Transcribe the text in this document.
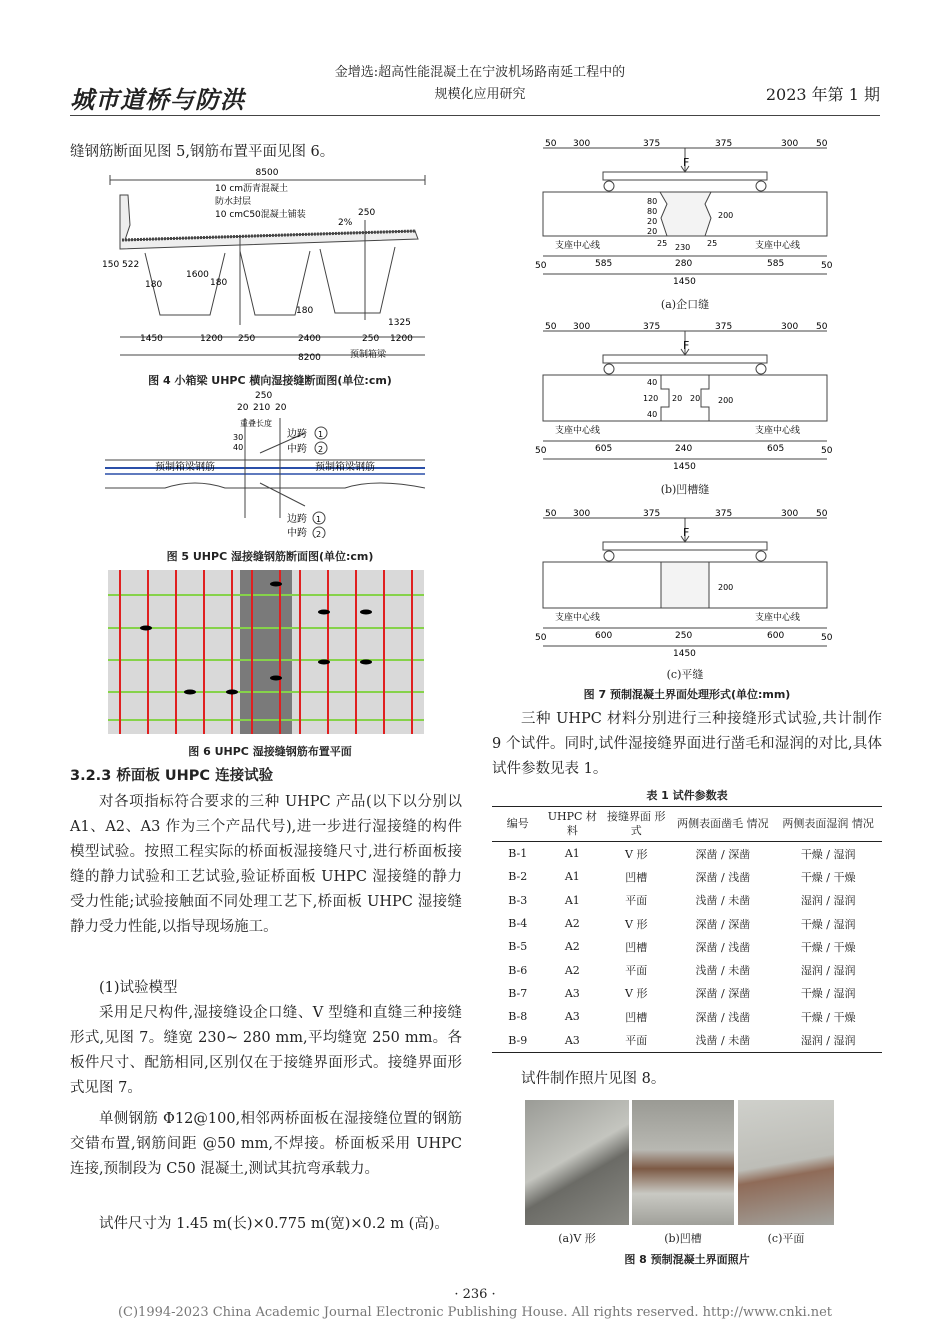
城市道桥与防洪
金增选:超高性能混凝土在宁波机场路南延工程中的
规模化应用研究	2023 年第 1 期
缝钢筋断面见图 5,钢筋布置平面见图 6。
8500
10 cm沥青混凝土
防水封层
10 cmC50混凝土铺装
2%
250
150 522
180
1600
180
180
1325
1450	1200 250	2400	250 1200
8200	预制箱梁
图 4 小箱梁 UHPC 横向湿接缝断面图(单位:cm)
250
20 210 20
重叠长度
30
40
边跨
中跨
1
2
预制箱梁钢筋	预制箱梁钢筋
边跨
中跨
1
2
图 5 UHPC 湿接缝钢筋断面图(单位:cm)
图 6 UHPC 湿接缝钢筋布置平面
3.2.3 桥面板 UHPC 连接试验
对各项指标符合要求的三种 UHPC 产品(以下以分别以 A1、A2、A3 作为三个产品代号),进一步进行湿接缝的构件模型试验。按照工程实际的桥面板湿接缝尺寸,进行桥面板接缝的静力试验和工艺试验,验证桥面板 UHPC 湿接缝的静力受力性能;试验接触面不同处理工艺下,桥面板 UHPC 湿接缝静力受力性能,以指导现场施工。
(1)试验模型
采用足尺构件,湿接缝设企口缝、V 型缝和直缝三种接缝形式,见图 7。缝宽 230~ 280 mm,平均缝宽 250 mm。各板件尺寸、配筋相同,区别仅在于接缝界面形式。接缝界面形式见图 7。
单侧钢筋 Φ12@100,相邻两桥面板在湿接缝位置的钢筋交错布置,钢筋间距 @50 mm,不焊接。桥面板采用 UHPC 连接,预制段为 C50 混凝土,测试其抗弯承载力。
试件尺寸为 1.45 m(长)×0.775 m(宽)×0.2 m (高)。
F
50 300	375	375	300 50
80
80
20
20
200
支座中心线	支座中心线
25 230 25
50	585	280	585	50
1450
(a)企口缝
F
50 300	375	375	300 50
40
120
40
20 20 200
支座中心线	支座中心线
50	605	240	605	50
1450
(b)凹槽缝
F
50 300	375	375	300 50
200
支座中心线	支座中心线
50	600	250	600	50
1450
(c)平缝
图 7 预制混凝土界面处理形式(单位:mm)
三种 UHPC 材料分别进行三种接缝形式试验,共计制作 9 个试件。同时,试件湿接缝界面进行凿毛和湿润的对比,具体试件参数见表 1。
表 1 试件参数表
编号	UHPC 材料	接缝界面 形式	两侧表面凿毛 情况	两侧表面湿润 情况
B-1	A1	V 形	深凿 / 深凿	干燥 / 湿润
B-2	A1	凹槽	深凿 / 浅凿	干燥 / 干燥
B-3	A1	平面	浅凿 / 未凿	湿润 / 湿润
B-4	A2	V 形	深凿 / 深凿	干燥 / 湿润
B-5	A2	凹槽	深凿 / 浅凿	干燥 / 干燥
B-6	A2	平面	浅凿 / 未凿	湿润 / 湿润
B-7	A3	V 形	深凿 / 深凿	干燥 / 湿润
B-8	A3	凹槽	深凿 / 浅凿	干燥 / 干燥
B-9	A3	平面	浅凿 / 未凿	湿润 / 湿润
试件制作照片见图 8。
(a)V 形	(b)凹槽	(c)平面
图 8 预制混凝土界面照片
· 236 ·
(C)1994-2023 China Academic Journal Electronic Publishing House. All rights reserved. http://www.cnki.net
